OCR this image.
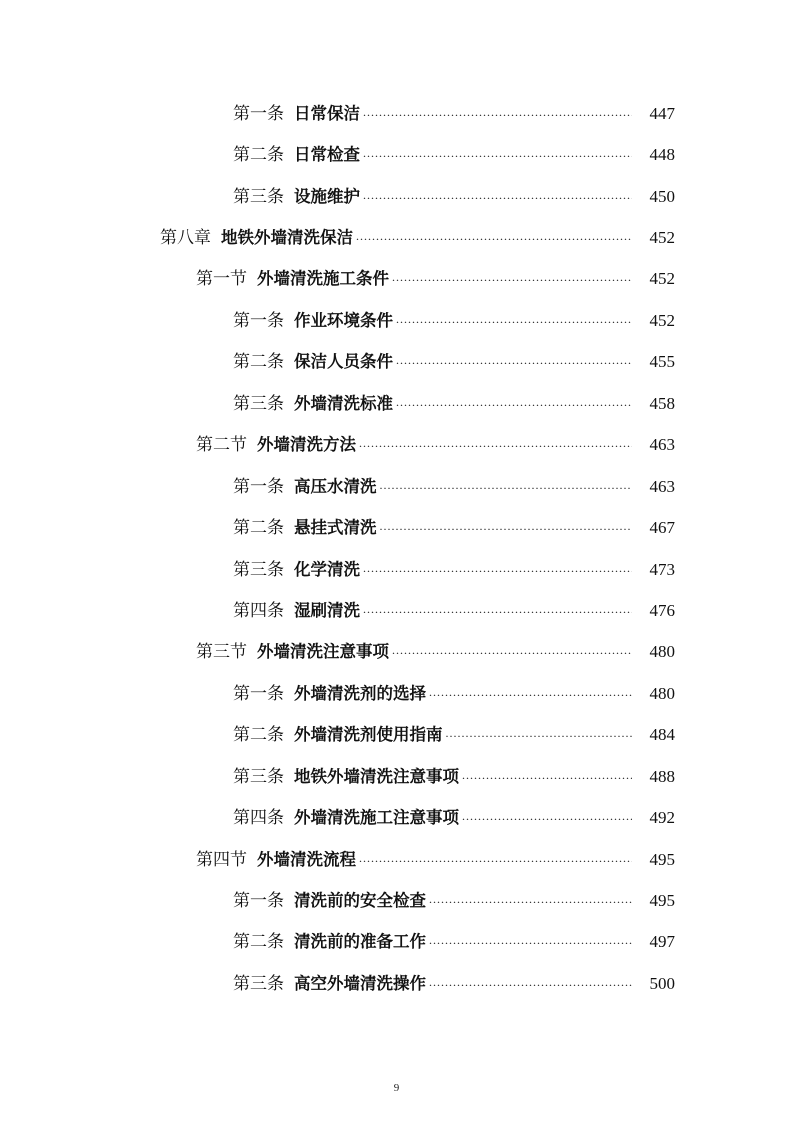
第一条 日常保洁 .....	447
第二条 日常检查 .....	448
第三条 设施维护 .....	450
第八章 地铁外墙清洗保洁 .....	452
第一节 外墙清洗施工条件 .....	452
第一条 作业环境条件 .....	452
第二条 保洁人员条件 .....	455
第三条 外墙清洗标准 .....	458
第二节 外墙清洗方法 .....	463
第一条 高压水清洗 .....	463
第二条 悬挂式清洗 .....	467
第三条 化学清洗 .....	473
第四条 湿刷清洗 .....	476
第三节 外墙清洗注意事项 .....	480
第一条 外墙清洗剂的选择 .....	480
第二条 外墙清洗剂使用指南 .....	484
第三条 地铁外墙清洗注意事项 .....	488
第四条 外墙清洗施工注意事项 .....	492
第四节 外墙清洗流程 .....	495
第一条 清洗前的安全检查 .....	495
第二条 清洗前的准备工作 .....	497
第三条 高空外墙清洗操作 .....	500
9
